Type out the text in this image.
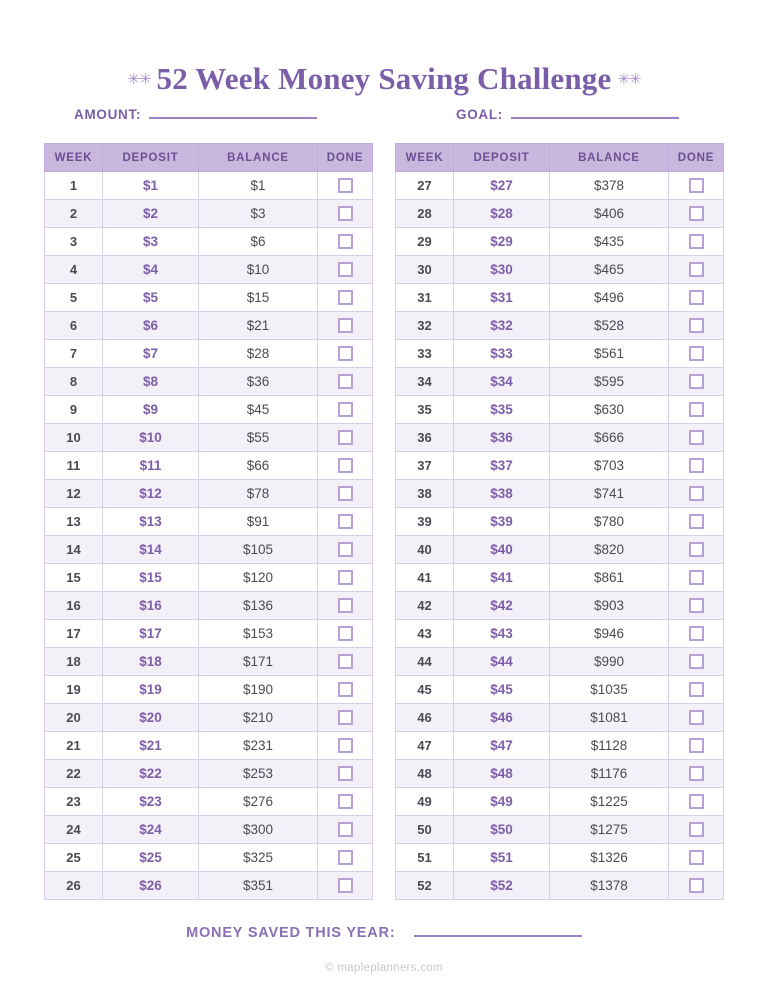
✳✳ 52 Week Money Saving Challenge ✳✳
AMOUNT:	GOAL:
WEEK	DEPOSIT	BALANCE	DONE
1	$1	$1	
2	$2	$3	
3	$3	$6	
4	$4	$10	
5	$5	$15	
6	$6	$21	
7	$7	$28	
8	$8	$36	
9	$9	$45	
10	$10	$55	
11	$11	$66	
12	$12	$78	
13	$13	$91	
14	$14	$105	
15	$15	$120	
16	$16	$136	
17	$17	$153	
18	$18	$171	
19	$19	$190	
20	$20	$210	
21	$21	$231	
22	$22	$253	
23	$23	$276	
24	$24	$300	
25	$25	$325	
26	$26	$351	
WEEK	DEPOSIT	BALANCE	DONE
27	$27	$378	
28	$28	$406	
29	$29	$435	
30	$30	$465	
31	$31	$496	
32	$32	$528	
33	$33	$561	
34	$34	$595	
35	$35	$630	
36	$36	$666	
37	$37	$703	
38	$38	$741	
39	$39	$780	
40	$40	$820	
41	$41	$861	
42	$42	$903	
43	$43	$946	
44	$44	$990	
45	$45	$1035	
46	$46	$1081	
47	$47	$1128	
48	$48	$1176	
49	$49	$1225	
50	$50	$1275	
51	$51	$1326	
52	$52	$1378	
MONEY SAVED THIS YEAR:
© mapleplanners.com
